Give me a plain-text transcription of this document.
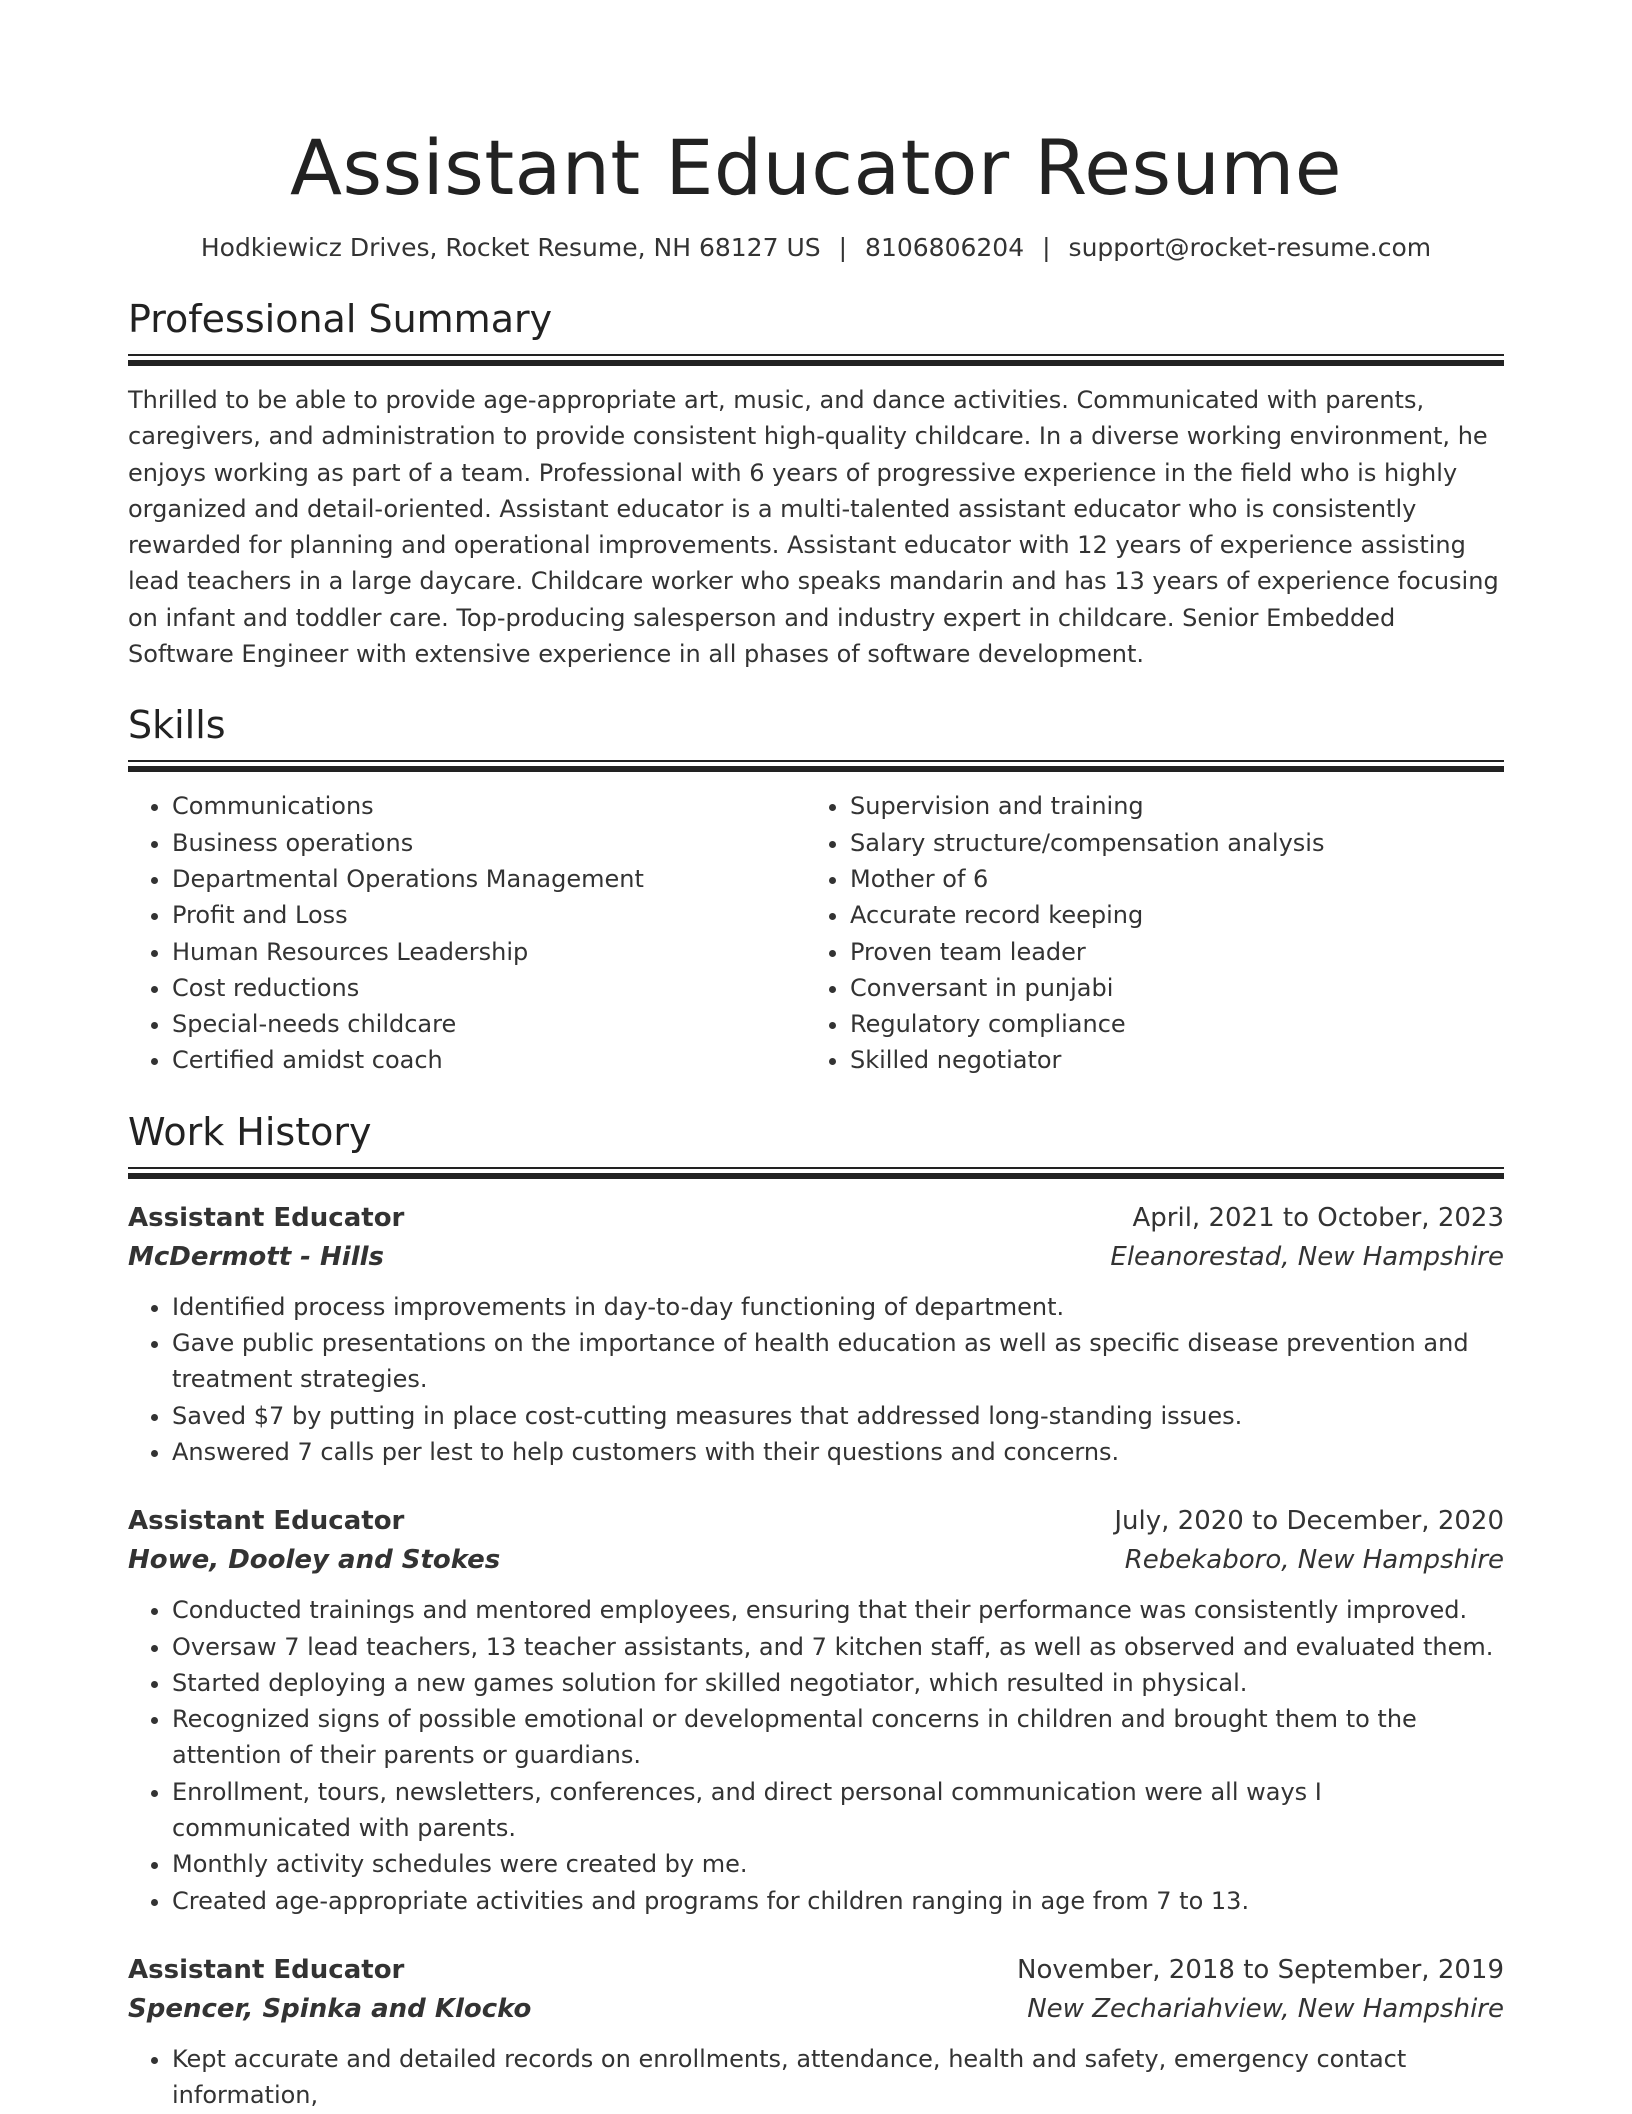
Assistant Educator Resume
Hodkiewicz Drives, Rocket Resume, NH 68127 US | 8106806204 | support@rocket-resume.com
Professional Summary
Thrilled to be able to provide age-appropriate art, music, and dance activities. Communicated with parents, caregivers, and administration to provide consistent high-quality childcare. In a diverse working environment, he enjoys working as part of a team. Professional with 6 years of progressive experience in the field who is highly organized and detail-oriented. Assistant educator is a multi-talented assistant educator who is consistently rewarded for planning and operational improvements. Assistant educator with 12 years of experience assisting lead teachers in a large daycare. Childcare worker who speaks mandarin and has 13 years of experience focusing on infant and toddler care. Top-producing salesperson and industry expert in childcare. Senior Embedded Software Engineer with extensive experience in all phases of software development.
Skills
• Communications
• Business operations
• Departmental Operations Management
• Profit and Loss
• Human Resources Leadership
• Cost reductions
• Special-needs childcare
• Certified amidst coach
• Supervision and training
• Salary structure/compensation analysis
• Mother of 6
• Accurate record keeping
• Proven team leader
• Conversant in punjabi
• Regulatory compliance
• Skilled negotiator
Work History
Assistant Educator	April, 2021 to October, 2023
McDermott - Hills	Eleanorestad, New Hampshire
• Identified process improvements in day-to-day functioning of department.
• Gave public presentations on the importance of health education as well as specific disease prevention and treatment strategies.
• Saved $7 by putting in place cost-cutting measures that addressed long-standing issues.
• Answered 7 calls per lest to help customers with their questions and concerns.
Assistant Educator	July, 2020 to December, 2020
Howe, Dooley and Stokes	Rebekaboro, New Hampshire
• Conducted trainings and mentored employees, ensuring that their performance was consistently improved.
• Oversaw 7 lead teachers, 13 teacher assistants, and 7 kitchen staff, as well as observed and evaluated them.
• Started deploying a new games solution for skilled negotiator, which resulted in physical.
• Recognized signs of possible emotional or developmental concerns in children and brought them to the attention of their parents or guardians.
• Enrollment, tours, newsletters, conferences, and direct personal communication were all ways I communicated with parents.
• Monthly activity schedules were created by me.
• Created age-appropriate activities and programs for children ranging in age from 7 to 13.
Assistant Educator	November, 2018 to September, 2019
Spencer, Spinka and Klocko	New Zechariahview, New Hampshire
• Kept accurate and detailed records on enrollments, attendance, health and safety, emergency contact information,
